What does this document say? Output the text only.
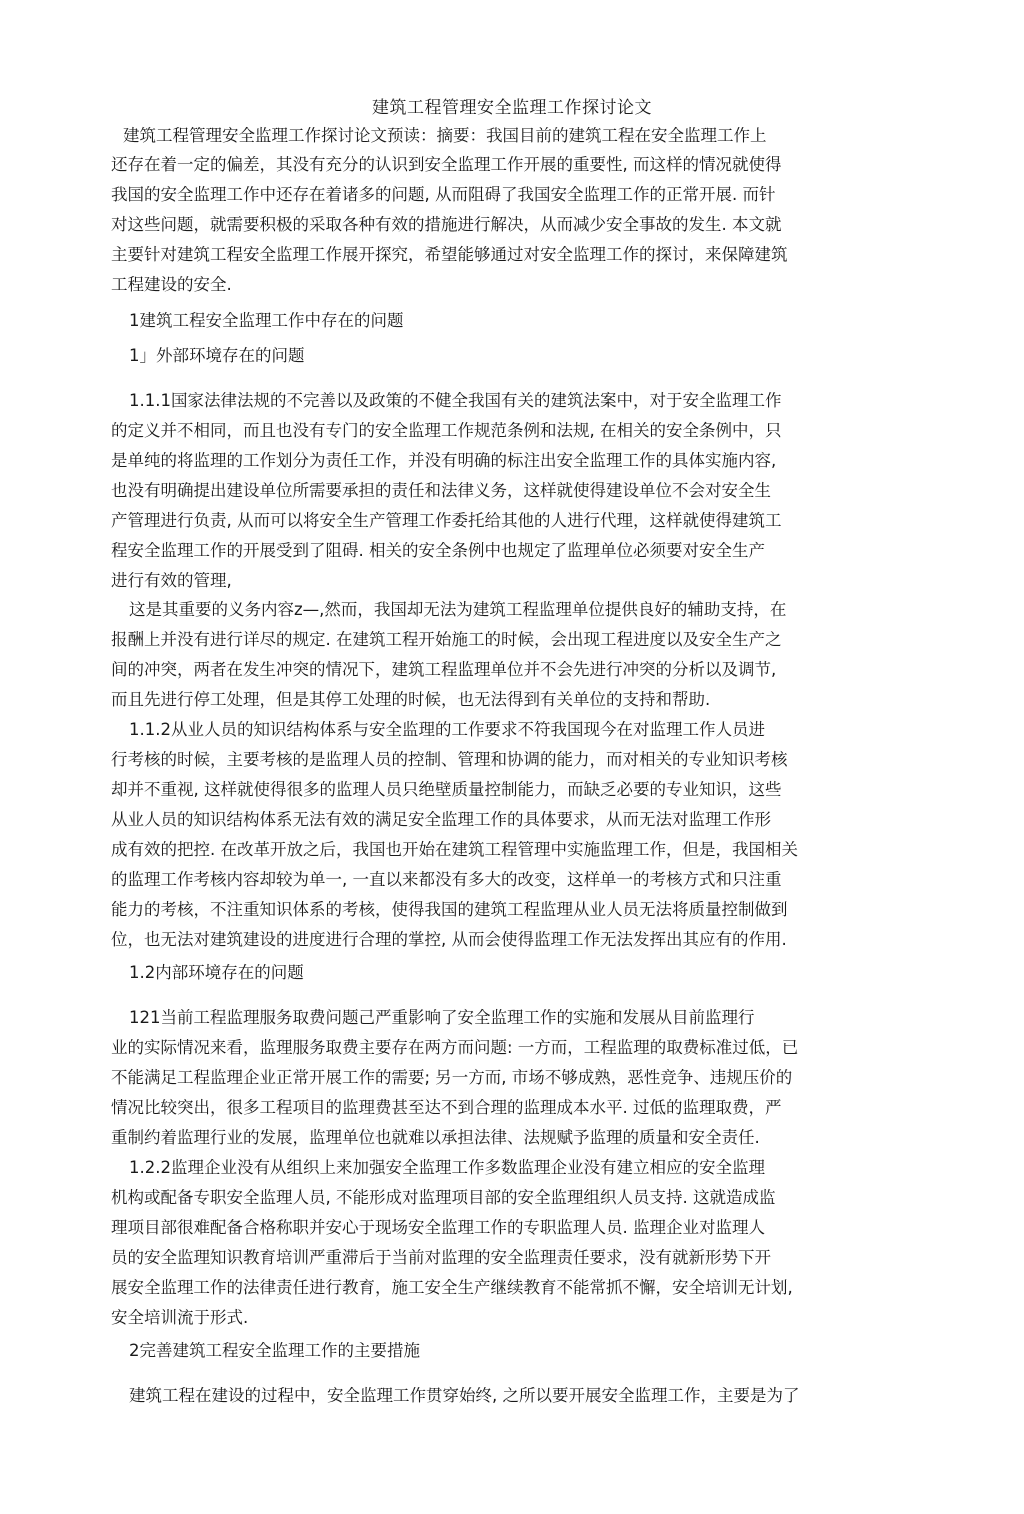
建筑工程管理安全监理工作探讨论文
建筑工程管理安全监理工作探讨论文预读：摘要：我国目前的建筑工程在安全监理工作上
还存在着一定的偏差，其没有充分的认识到安全监理工作开展的重要性, 而这样的情况就使得
我国的安全监理工作中还存在着诸多的问题, 从而阻碍了我国安全监理工作的正常开展. 而针
对这些问题，就需要积极的采取各种有效的措施进行解决，从而减少安全事故的发生. 本文就
主要针对建筑工程安全监理工作展开探究，希望能够通过对安全监理工作的探讨，来保障建筑
工程建设的安全.
1建筑工程安全监理工作中存在的问题
1」外部环境存在的问题
1.1.1国家法律法规的不完善以及政策的不健全我国有关的建筑法案中，对于安全监理工作
的定义并不相同，而且也没有专门的安全监理工作规范条例和法规, 在相关的安全条例中，只
是单纯的将监理的工作划分为责任工作，并没有明确的标注出安全监理工作的具体实施内容,
也没有明确提出建设单位所需要承担的责任和法律义务，这样就使得建设单位不会对安全生
产管理进行负责, 从而可以将安全生产管理工作委托给其他的人进行代理，这样就使得建筑工
程安全监理工作的开展受到了阻碍. 相关的安全条例中也规定了监理单位必须要对安全生产
进行有效的管理,
这是其重要的义务内容z—,然而，我国却无法为建筑工程监理单位提供良好的辅助支持，在
报酬上并没有进行详尽的规定. 在建筑工程开始施工的时候，会出现工程进度以及安全生产之
间的冲突，两者在发生冲突的情况下，建筑工程监理单位并不会先进行冲突的分析以及调节,
而且先进行停工处理，但是其停工处理的时候，也无法得到有关单位的支持和帮助.
1.1.2从业人员的知识结构体系与安全监理的工作要求不符我国现今在对监理工作人员进
行考核的时候，主要考核的是监理人员的控制、管理和协调的能力，而对相关的专业知识考核
却并不重视, 这样就使得很多的监理人员只绝壁质量控制能力，而缺乏必要的专业知识，这些
从业人员的知识结构体系无法有效的满足安全监理工作的具体要求，从而无法对监理工作形
成有效的把控. 在改革开放之后，我国也开始在建筑工程管理中实施监理工作，但是，我国相关
的监理工作考核内容却较为单一, 一直以来都没有多大的改变，这样单一的考核方式和只注重
能力的考核，不注重知识体系的考核，使得我国的建筑工程监理从业人员无法将质量控制做到
位，也无法对建筑建设的进度进行合理的掌控, 从而会使得监理工作无法发挥出其应有的作用.
1.2内部环境存在的问题
121当前工程监理服务取费问题己严重影响了安全监理工作的实施和发展从目前监理行
业的实际情况来看，监理服务取费主要存在两方而问题: 一方而，工程监理的取费标准过低，已
不能满足工程监理企业正常开展工作的需要; 另一方而, 市场不够成熟，恶性竞争、违规压价的
情况比较突出，很多工程项目的监理费甚至达不到合理的监理成本水平. 过低的监理取费，严
重制约着监理行业的发展，监理单位也就难以承担法律、法规赋予监理的质量和安全责任.
1.2.2监理企业没有从组织上来加强安全监理工作多数监理企业没有建立相应的安全监理
机构或配备专职安全监理人员, 不能形成对监理项目部的安全监理组织人员支持. 这就造成监
理项目部很难配备合格称职并安心于现场安全监理工作的专职监理人员. 监理企业对监理人
员的安全监理知识教育培训严重滞后于当前对监理的安全监理责任要求，没有就新形势下开
展安全监理工作的法律责任进行教育，施工安全生产继续教育不能常抓不懈，安全培训无计划,
安全培训流于形式.
2完善建筑工程安全监理工作的主要措施
建筑工程在建设的过程中，安全监理工作贯穿始终, 之所以要开展安全监理工作，主要是为了
